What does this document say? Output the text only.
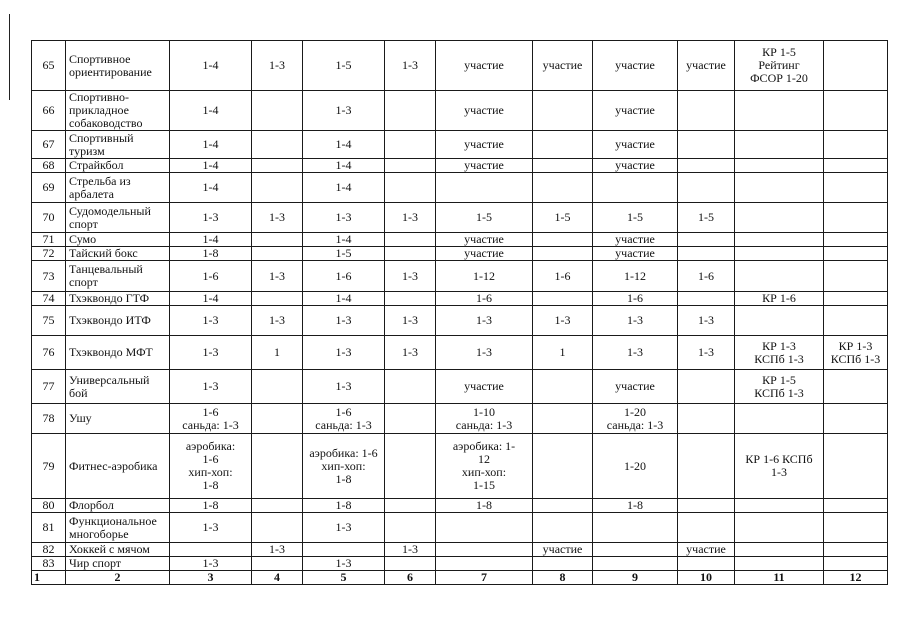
65	Спортивное
ориентирование	1-4	1-3	1-5	1-3	участие	участие	участие	участие	КР 1-5
Рейтинг
ФСОР 1-20	
66	Спортивно-
прикладное
собаководство	1-4		1-3		участие		участие			
67	Спортивный
туризм	1-4		1-4		участие		участие			
68	Страйкбол	1-4		1-4		участие		участие			
69	Стрельба из
арбалета	1-4		1-4							
70	Судомодельный
спорт	1-3	1-3	1-3	1-3	1-5	1-5	1-5	1-5		
71	Сумо	1-4		1-4		участие		участие			
72	Тайский бокс	1-8		1-5		участие		участие			
73	Танцевальный
спорт	1-6	1-3	1-6	1-3	1-12	1-6	1-12	1-6		
74	Тхэквондо ГТФ	1-4		1-4		1-6		1-6		КР 1-6	
75	Тхэквондо ИТФ	1-3	1-3	1-3	1-3	1-3	1-3	1-3	1-3		
76	Тхэквондо МФТ	1-3	1	1-3	1-3	1-3	1	1-3	1-3	КР 1-3
КСПб 1-3	КР 1-3
КСПб 1-3
77	Универсальный
бой	1-3		1-3		участие		участие		КР 1-5
КСПб 1-3	
78	Ушу	1-6
саньда: 1-3		1-6
саньда: 1-3		1-10
саньда: 1-3		1-20
саньда: 1-3			
79	Фитнес-аэробика	аэробика:
1-6
хип-хоп:
1-8		аэробика: 1-6
хип-хоп:
1-8		аэробика: 1-
12
хип-хоп:
1-15		1-20		КР 1-6 КСПб
1-3	
80	Флорбол	1-8		1-8		1-8		1-8			
81	Функциональное
многоборье	1-3		1-3							
82	Хоккей с мячом		1-3		1-3		участие		участие		
83	Чир спорт	1-3		1-3							
1	2	3	4	5	6	7	8	9	10	11	12
